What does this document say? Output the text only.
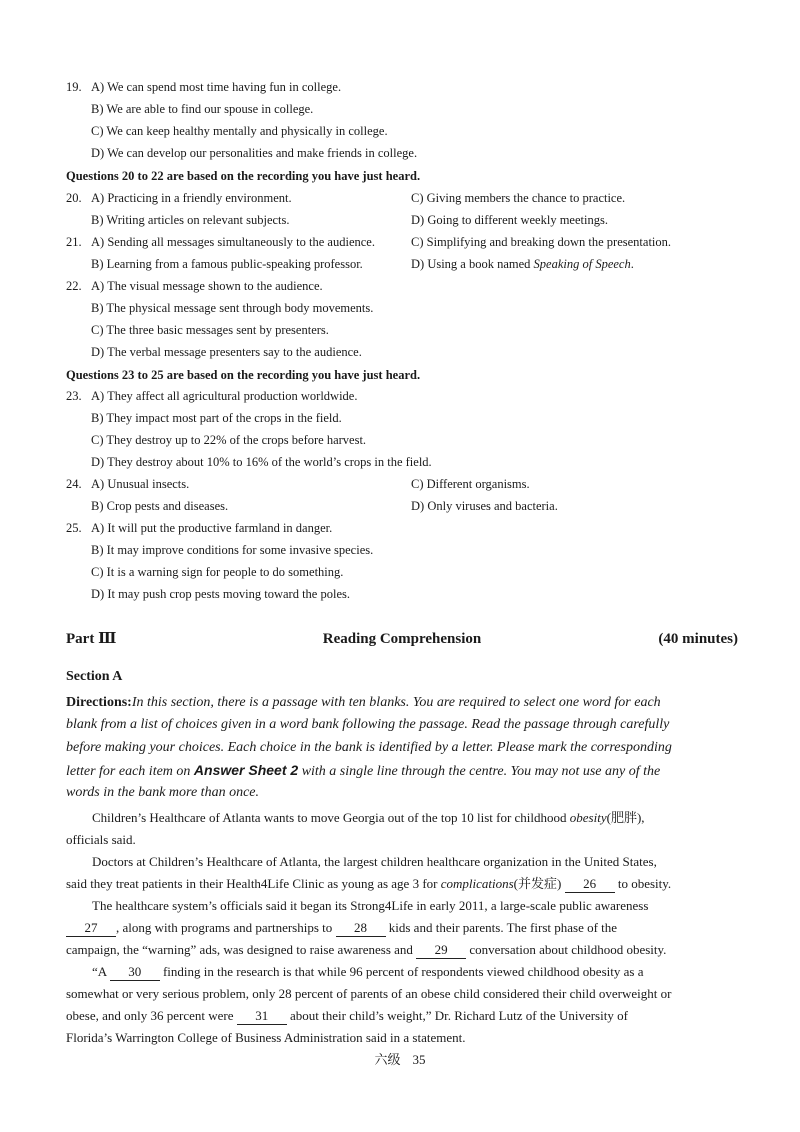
19. A) We can spend most time having fun in college.
B) We are able to find our spouse in college.
C) We can keep healthy mentally and physically in college.
D) We can develop our personalities and make friends in college.
Questions 20 to 22 are based on the recording you have just heard.
20. A) Practicing in a friendly environment.	C) Giving members the chance to practice.
B) Writing articles on relevant subjects.	D) Going to different weekly meetings.
21. A) Sending all messages simultaneously to the audience.	C) Simplifying and breaking down the presentation.
B) Learning from a famous public-speaking professor.	D) Using a book named Speaking of Speech.
22. A) The visual message shown to the audience.
B) The physical message sent through body movements.
C) The three basic messages sent by presenters.
D) The verbal message presenters say to the audience.
Questions 23 to 25 are based on the recording you have just heard.
23. A) They affect all agricultural production worldwide.
B) They impact most part of the crops in the field.
C) They destroy up to 22% of the crops before harvest.
D) They destroy about 10% to 16% of the world’s crops in the field.
24. A) Unusual insects.	C) Different organisms.
B) Crop pests and diseases.	D) Only viruses and bacteria.
25. A) It will put the productive farmland in danger.
B) It may improve conditions for some invasive species.
C) It is a warning sign for people to do something.
D) It may push crop pests moving toward the poles.
Part Ⅲ	Reading Comprehension	(40 minutes)
Section A
Directions:In this section, there is a passage with ten blanks. You are required to select one word for each
blank from a list of choices given in a word bank following the passage. Read the passage through carefully
before making your choices. Each choice in the bank is identified by a letter. Please mark the corresponding
letter for each item on Answer Sheet 2 with a single line through the centre. You may not use any of the
words in the bank more than once.
Children’s Healthcare of Atlanta wants to move Georgia out of the top 10 list for childhood obesity(肥胖),
officials said.
Doctors at Children’s Healthcare of Atlanta, the largest children healthcare organization in the United States,
said they treat patients in their Health4Life Clinic as young as age 3 for complications(并发症) 26 to obesity.
The healthcare system’s officials said it began its Strong4Life in early 2011, a large-scale public awareness
27 , along with programs and partnerships to 28 kids and their parents. The first phase of the
campaign, the “warning” ads, was designed to raise awareness and 29 conversation about childhood obesity.
“A 30 finding in the research is that while 96 percent of respondents viewed childhood obesity as a
somewhat or very serious problem, only 28 percent of parents of an obese child considered their child overweight or
obese, and only 36 percent were 31 about their child’s weight,” Dr. Richard Lutz of the University of
Florida’s Warrington College of Business Administration said in a statement.
六级 35
